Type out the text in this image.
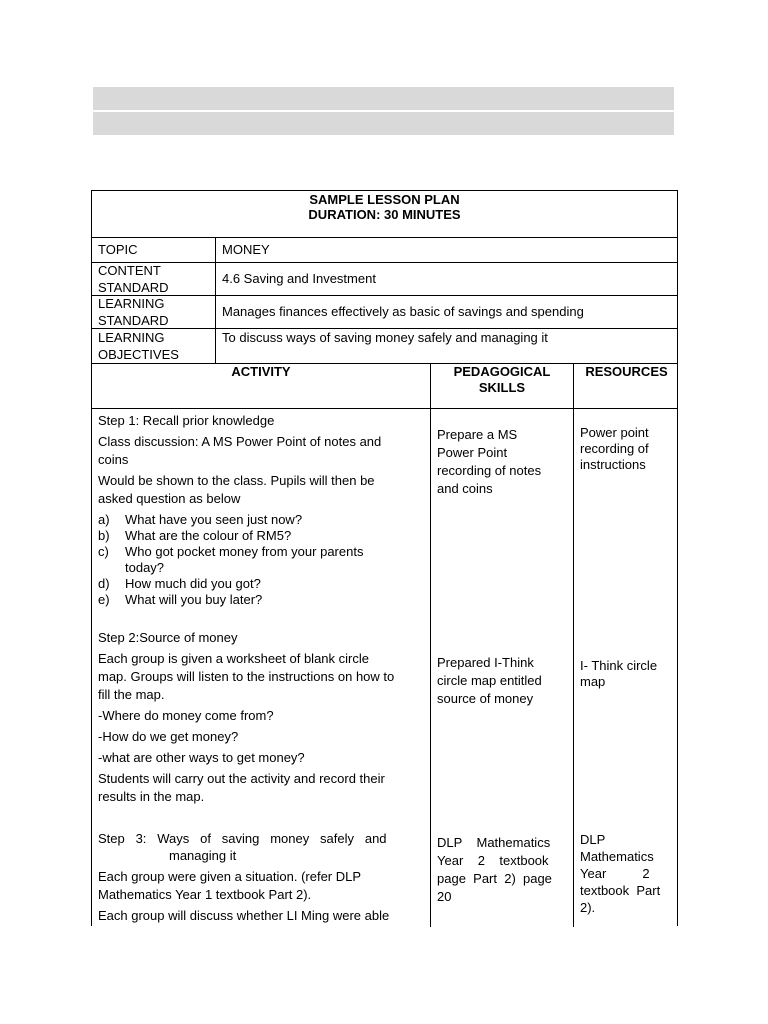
SAMPLE LESSON PLAN
DURATION: 30 MINUTES
TOPIC	MONEY
CONTENT
STANDARD
4.6 Saving and Investment
LEARNING
STANDARD
Manages finances effectively as basic of savings and spending
LEARNING
OBJECTIVES
To discuss ways of saving money safely and managing it
ACTIVITY	PEDAGOGICAL
SKILLS
RESOURCES
Step 1: Recall prior knowledge
Class discussion: A MS Power Point of notes and
coins
Would be shown to the class. Pupils will then be
asked question as below
a) What have you seen just now?
b) What are the colour of RM5?
c) Who got pocket money from your parents
today?
d) How much did you got?
e) What will you buy later?
Prepare a MS
Power Point
recording of notes
and coins
Power point
recording of
instructions
Step 2:Source of money
Each group is given a worksheet of blank circle
map. Groups will listen to the instructions on how to
fill the map.
-Where do money come from?
-How do we get money?
-what are other ways to get money?
Students will carry out the activity and record their
results in the map.
Prepared I-Think
circle map entitled
source of money
I- Think circle
map
Step   3:   Ways   of   saving   money   safely   and
managing it
Each group were given a situation. (refer DLP
Mathematics Year 1 textbook Part 2).
Each group will discuss whether LI Ming were able
DLP    Mathematics
Year    2    textbook
page  Part  2)  page
20
DLP
Mathematics
Year          2
textbook  Part
2).
